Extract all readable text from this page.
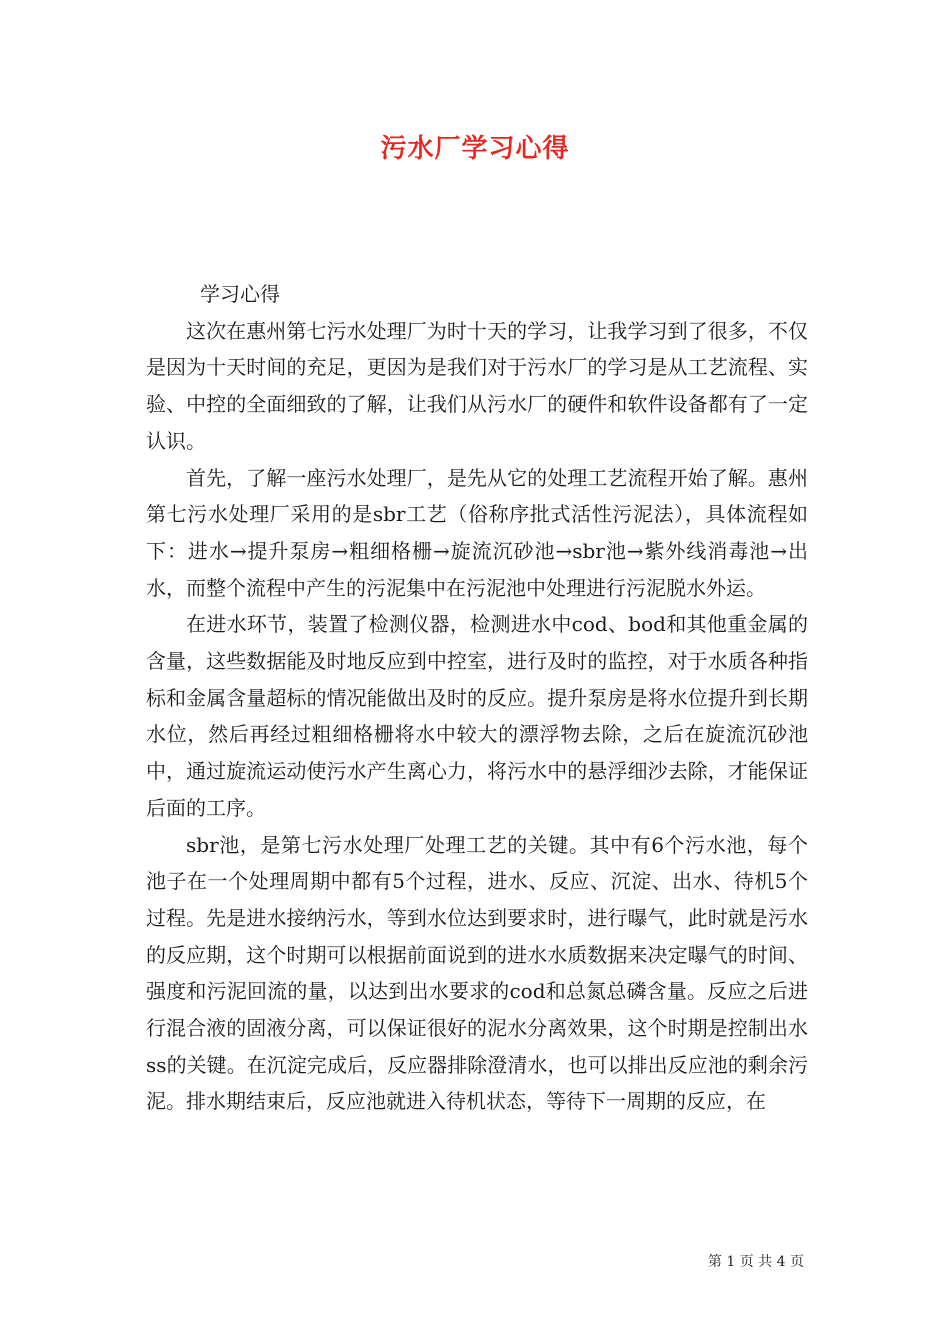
污水厂学习心得

学习心得

这次在惠州第七污水处理厂为时十天的学习，让我学习到了很多，不仅是因为十天时间的充足，更因为是我们对于污水厂的学习是从工艺流程、实验、中控的全面细致的了解，让我们从污水厂的硬件和软件设备都有了一定认识。

首先，了解一座污水处理厂，是先从它的处理工艺流程开始了解。惠州第七污水处理厂采用的是sbr工艺（俗称序批式活性污泥法），具体流程如下：进水→提升泵房→粗细格栅→旋流沉砂池→sbr池→紫外线消毒池→出水，而整个流程中产生的污泥集中在污泥池中处理进行污泥脱水外运。

在进水环节，装置了检测仪器，检测进水中cod、bod和其他重金属的含量，这些数据能及时地反应到中控室，进行及时的监控，对于水质各种指标和金属含量超标的情况能做出及时的反应。提升泵房是将水位提升到长期水位，然后再经过粗细格栅将水中较大的漂浮物去除，之后在旋流沉砂池中，通过旋流运动使污水产生离心力，将污水中的悬浮细沙去除，才能保证后面的工序。

sbr池，是第七污水处理厂处理工艺的关键。其中有6个污水池，每个池子在一个处理周期中都有5个过程，进水、反应、沉淀、出水、待机5个过程。先是进水接纳污水，等到水位达到要求时，进行曝气，此时就是污水的反应期，这个时期可以根据前面说到的进水水质数据来决定曝气的时间、强度和污泥回流的量，以达到出水要求的cod和总氮总磷含量。反应之后进行混合液的固液分离，可以保证很好的泥水分离效果，这个时期是控制出水ss的关键。在沉淀完成后，反应器排除澄清水，也可以排出反应池的剩余污泥。排水期结束后，反应池就进入待机状态，等待下一周期的反应，在

第 1 页 共 4 页
